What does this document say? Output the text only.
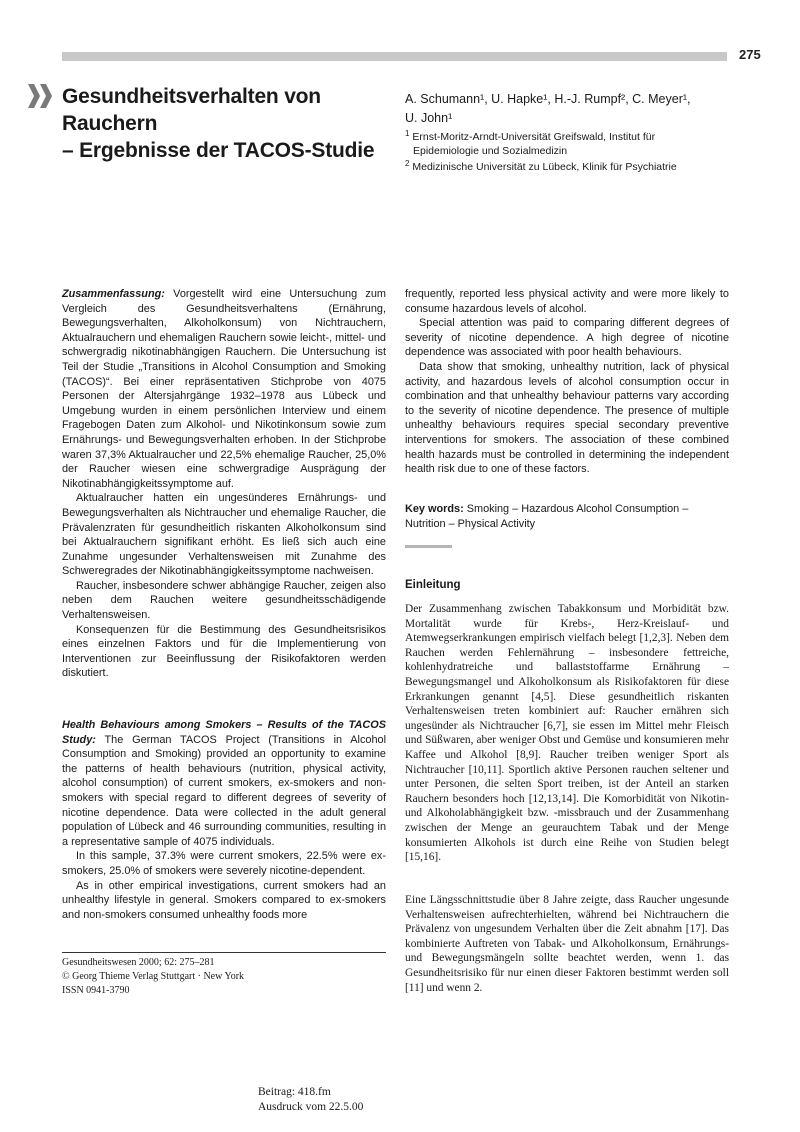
275
Gesundheitsverhalten von Rauchern
– Ergebnisse der TACOS-Studie
A. Schumann¹, U. Hapke¹, H.-J. Rumpf², C. Meyer¹,
U. John¹
$^1$ Ernst-Moritz-Arndt-Universität Greifswald, Institut für
Epidemiologie und Sozialmedizin
$^2$ Medizinische Universität zu Lübeck, Klinik für Psychiatrie

Zusammenfassung: Vorgestellt wird eine Untersuchung zum Vergleich des Gesundheitsverhaltens (Ernährung, Bewegungsverhalten, Alkoholkonsum) von Nichtrauchern, Aktualrauchern und ehemaligen Rauchern sowie leicht-, mittel- und schwergradig nikotinabhängigen Rauchern. Die Untersuchung ist Teil der Studie „Transitions in Alcohol Consumption and Smoking (TACOS)“. Bei einer repräsentativen Stichprobe von 4075 Personen der Altersjahrgänge 1932–1978 aus Lübeck und Umgebung wurden in einem persönlichen Interview und einem Fragebogen Daten zum Alkohol- und Nikotinkonsum sowie zum Ernährungs- und Bewegungsverhalten erhoben. In der Stichprobe waren 37,3% Aktualraucher und 22,5% ehemalige Raucher, 25,0% der Raucher wiesen eine schwergradige Ausprägung der Nikotinabhängigkeitssymptome auf.

Aktualraucher hatten ein ungesünderes Ernährungs- und Bewegungsverhalten als Nichtraucher und ehemalige Raucher, die Prävalenzraten für gesundheitlich riskanten Alkoholkonsum sind bei Aktualrauchern signifikant erhöht. Es ließ sich auch eine Zunahme ungesunder Verhaltensweisen mit Zunahme des Schweregrades der Nikotinabhängigkeitssymptome nachweisen.

Raucher, insbesondere schwer abhängige Raucher, zeigen also neben dem Rauchen weitere gesundheitsschädigende Verhaltensweisen.

Konsequenzen für die Bestimmung des Gesundheitsrisikos eines einzelnen Faktors und für die Implementierung von Interventionen zur Beeinflussung der Risikofaktoren werden diskutiert.

Health Behaviours among Smokers – Results of the TACOS Study: The German TACOS Project (Transitions in Alcohol Consumption and Smoking) provided an opportunity to examine the patterns of health behaviours (nutrition, physical activity, alcohol consumption) of current smokers, ex-smokers and non-smokers with special regard to different degrees of severity of nicotine dependence. Data were collected in the adult general population of Lübeck and 46 surrounding communities, resulting in a representative sample of 4075 individuals.

In this sample, 37.3% were current smokers, 22.5% were ex-smokers, 25.0% of smokers were severely nicotine-dependent.

As in other empirical investigations, current smokers had an unhealthy lifestyle in general. Smokers compared to ex-smokers and non-smokers consumed unhealthy foods more

frequently, reported less physical activity and were more likely to consume hazardous levels of alcohol.

Special attention was paid to comparing different degrees of severity of nicotine dependence. A high degree of nicotine dependence was associated with poor health behaviours.

Data show that smoking, unhealthy nutrition, lack of physical activity, and hazardous levels of alcohol consumption occur in combination and that unhealthy behaviour patterns vary according to the severity of nicotine dependence. The presence of multiple unhealthy behaviours requires special secondary preventive interventions for smokers. The association of these combined health hazards must be controlled in determining the independent health risk due to one of these factors.

Key words: Smoking – Hazardous Alcohol Consumption – Nutrition – Physical Activity
Einleitung
Der Zusammenhang zwischen Tabakkonsum und Morbidität bzw. Mortalität wurde für Krebs-, Herz-Kreislauf- und Atemwegserkrankungen empirisch vielfach belegt [1,2,3]. Neben dem Rauchen werden Fehlernährung – insbesondere fettreiche, kohlenhydratreiche und ballaststoffarme Ernährung – Bewegungsmangel und Alkoholkonsum als Risikofaktoren für diese Erkrankungen genannt [4,5]. Diese gesundheitlich riskanten Verhaltensweisen treten kombiniert auf: Raucher ernähren sich ungesünder als Nichtraucher [6,7], sie essen im Mittel mehr Fleisch und Süßwaren, aber weniger Obst und Gemüse und konsumieren mehr Kaffee und Alkohol [8,9]. Raucher treiben weniger Sport als Nichtraucher [10,11]. Sportlich aktive Personen rauchen seltener und unter Personen, die selten Sport treiben, ist der Anteil an starken Rauchern besonders hoch [12,13,14]. Die Komorbidität von Nikotin- und Alkoholabhängigkeit bzw. -missbrauch und der Zusammenhang zwischen der Menge an geurauchtem Tabak und der Menge konsumierten Alkohols ist durch eine Reihe von Studien belegt [15,16].
Eine Längsschnittstudie über 8 Jahre zeigte, dass Raucher ungesunde Verhaltensweisen aufrechterhielten, während bei Nichtrauchern die Prävalenz von ungesundem Verhalten über die Zeit abnahm [17]. Das kombinierte Auftreten von Tabak- und Alkoholkonsum, Ernährungs- und Bewegungsmängeln sollte beachtet werden, wenn 1. das Gesundheitsrisiko für nur einen dieser Faktoren bestimmt werden soll [11] und wenn 2.
Gesundheitswesen 2000; 62: 275–281
© Georg Thieme Verlag Stuttgart · New York
ISSN 0941-3790
Beitrag: 418.fm
Ausdruck vom 22.5.00
